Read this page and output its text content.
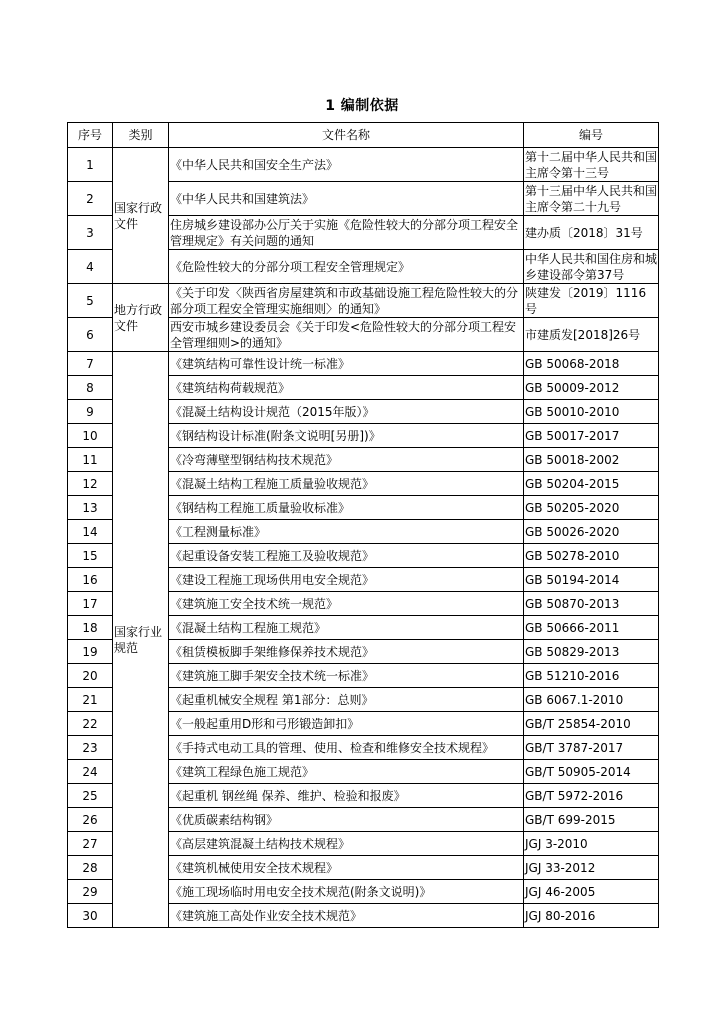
1 编制依据
序号	类别	文件名称	编号
1	国家行政文件	《中华人民共和国安全生产法》	第十二届中华人民共和国主席令第十三号
2		《中华人民共和国建筑法》	第十三届中华人民共和国主席令第二十九号
3		住房城乡建设部办公厅关于实施《危险性较大的分部分项工程安全管理规定》有关问题的通知	建办质〔2018〕31号
4		《危险性较大的分部分项工程安全管理规定》	中华人民共和国住房和城乡建设部令第37号
5	地方行政文件	《关于印发〈陕西省房屋建筑和市政基础设施工程危险性较大的分部分项工程安全管理实施细则〉的通知》	陕建发〔2019〕1116号
6		西安市城乡建设委员会《关于印发<危险性较大的分部分项工程安全管理细则>的通知》	市建质发[2018]26号
7	国家行业规范	《建筑结构可靠性设计统一标准》	GB 50068-2018
8		《建筑结构荷载规范》	GB 50009-2012
9		《混凝土结构设计规范（2015年版）》	GB 50010-2010
10		《钢结构设计标准(附条文说明[另册])》	GB 50017-2017
11		《冷弯薄壁型钢结构技术规范》	GB 50018-2002
12		《混凝土结构工程施工质量验收规范》	GB 50204-2015
13		《钢结构工程施工质量验收标准》	GB 50205-2020
14		《工程测量标准》	GB 50026-2020
15		《起重设备安装工程施工及验收规范》	GB 50278-2010
16		《建设工程施工现场供用电安全规范》	GB 50194-2014
17		《建筑施工安全技术统一规范》	GB 50870-2013
18		《混凝土结构工程施工规范》	GB 50666-2011
19		《租赁模板脚手架维修保养技术规范》	GB 50829-2013
20		《建筑施工脚手架安全技术统一标准》	GB 51210-2016
21		《起重机械安全规程 第1部分：总则》	GB 6067.1-2010
22		《一般起重用D形和弓形锻造卸扣》	GB/T 25854-2010
23		《手持式电动工具的管理、使用、检查和维修安全技术规程》	GB/T 3787-2017
24		《建筑工程绿色施工规范》	GB/T 50905-2014
25		《起重机 钢丝绳 保养、维护、检验和报废》	GB/T 5972-2016
26		《优质碳素结构钢》	GB/T 699-2015
27		《高层建筑混凝土结构技术规程》	JGJ 3-2010
28		《建筑机械使用安全技术规程》	JGJ 33-2012
29		《施工现场临时用电安全技术规范(附条文说明)》	JGJ 46-2005
30		《建筑施工高处作业安全技术规范》	JGJ 80-2016
